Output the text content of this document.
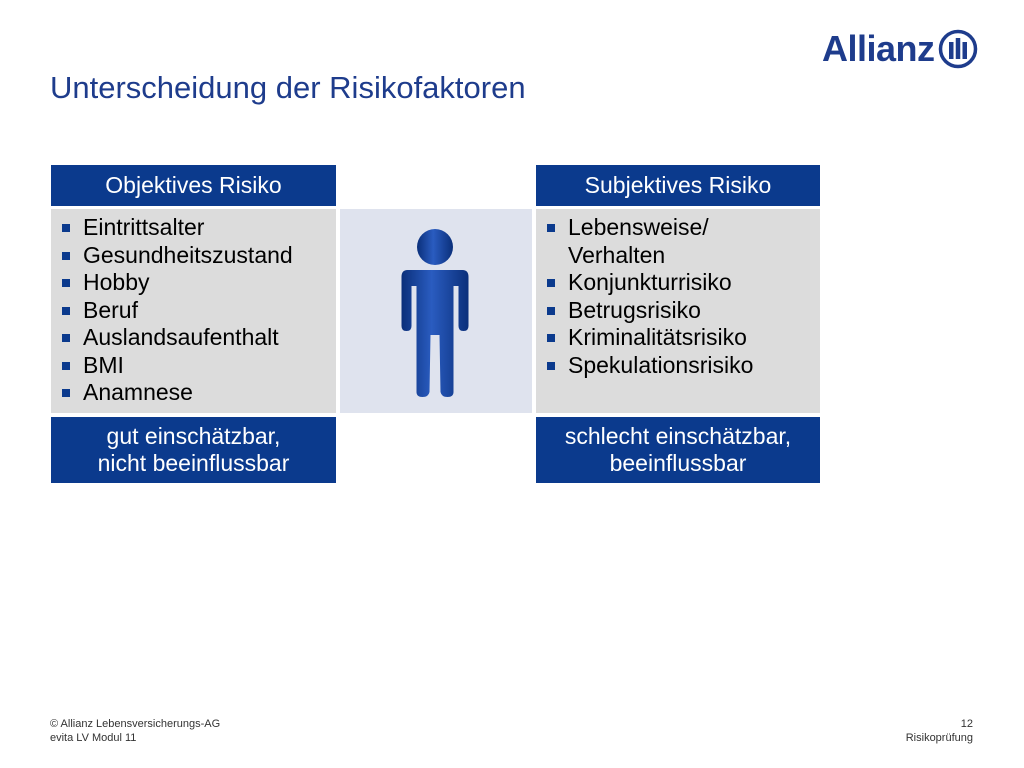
Unterscheidung der Risikofaktoren
Allianz
Objektives Risiko
Eintrittsalter
Gesundheitszustand
Hobby
Beruf
Auslandsaufenthalt
BMI
Anamnese
gut einschätzbar,
nicht beeinflussbar
Subjektives Risiko
Lebensweise/ Verhalten
Konjunkturrisiko
Betrugsrisiko
Kriminalitätsrisiko
Spekulationsrisiko
schlecht einschätzbar,
beeinflussbar
© Allianz Lebensversicherungs-AG
evita LV Modul 11
12
Risikoprüfung
